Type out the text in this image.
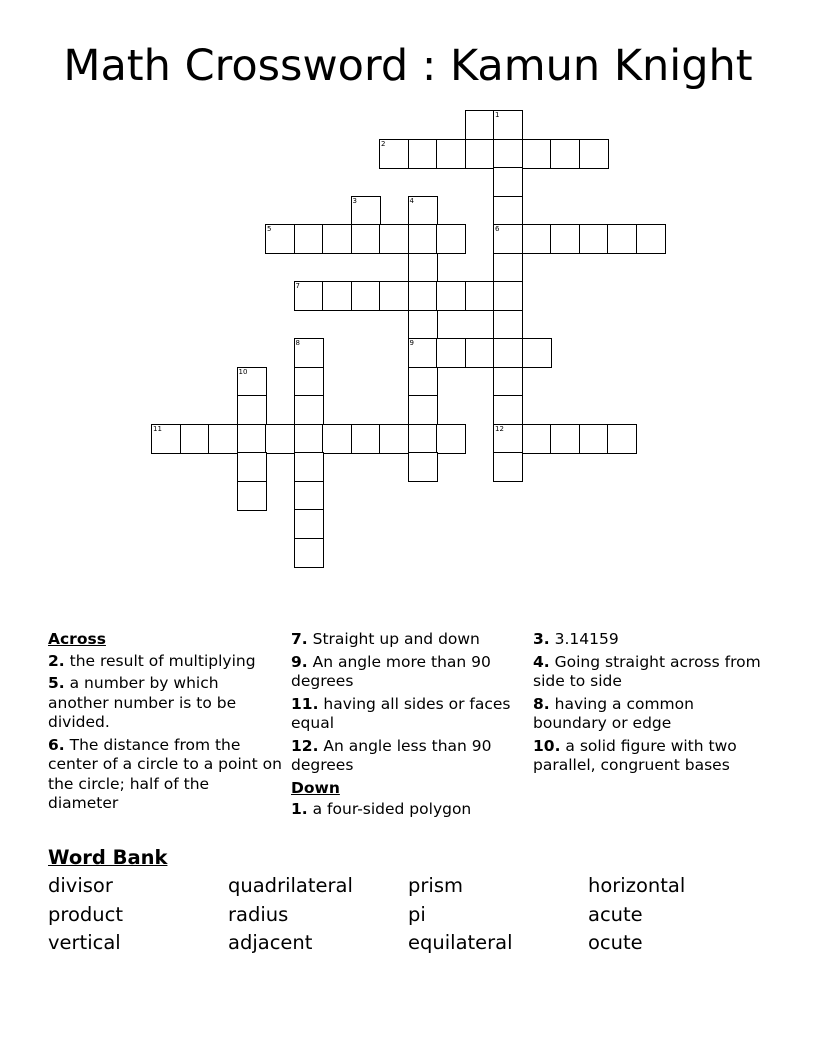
Math Crossword : Kamun Knight
1
2
3	4
5	6
7
8	9
10
11	12
Across
2. the result of multiplying
5. a number by which another number is to be divided.
6. The distance from the center of a circle to a point on the circle; half of the diameter
7. Straight up and down
9. An angle more than 90 degrees
11. having all sides or faces equal
12. An angle less than 90 degrees
Down
1. a four-sided polygon
3. 3.14159
4. Going straight across from side to side
8. having a common boundary or edge
10. a solid figure with two parallel, congruent bases
Word Bank
divisor	quadrilateral	prism	horizontal
product	radius	pi	acute
vertical	adjacent	equilateral	ocute
